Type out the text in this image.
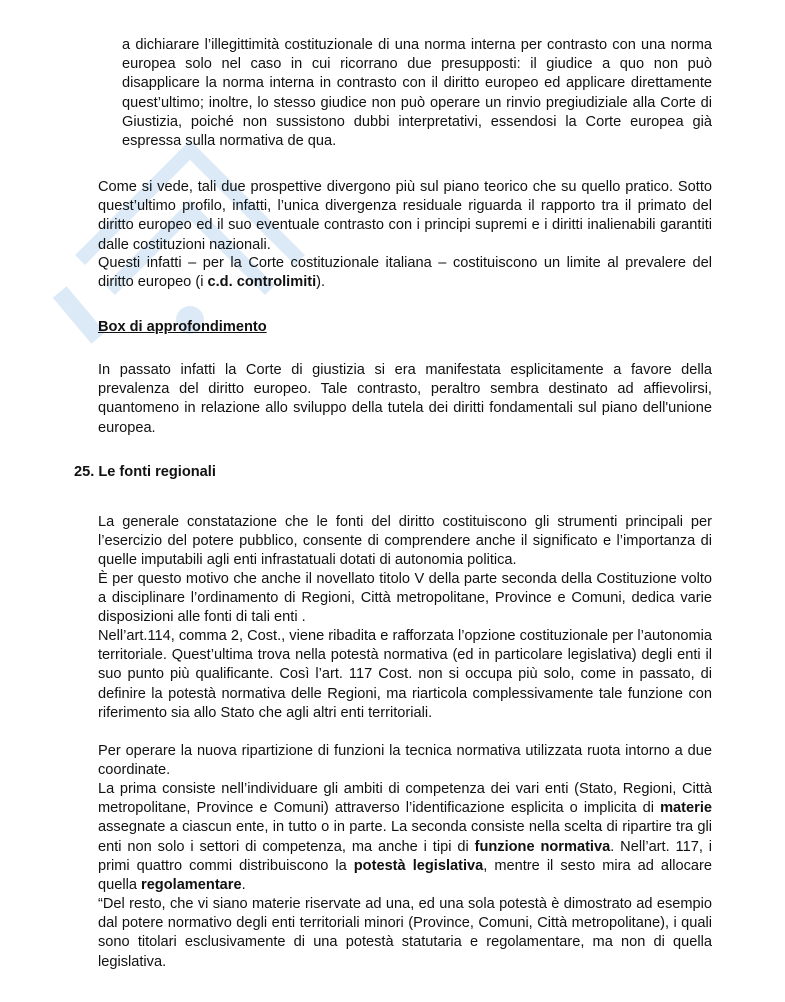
a dichiarare l’illegittimità costituzionale di una norma interna per contrasto con una norma europea solo nel caso in cui ricorrano due presupposti: il giudice a quo non può disapplicare la norma interna in contrasto con il diritto europeo ed applicare direttamente quest’ultimo; inoltre, lo stesso giudice non può operare un rinvio pregiudiziale alla Corte di Giustizia, poiché non sussistono dubbi interpretativi, essendosi la Corte europea già espressa sulla normativa de qua.

Come si vede, tali due prospettive divergono più sul piano teorico che su quello pratico. Sotto quest’ultimo profilo, infatti, l’unica divergenza residuale riguarda il rapporto tra il primato del diritto europeo ed il suo eventuale contrasto con i principi supremi e i diritti inalienabili garantiti dalle costituzioni nazionali.

Questi infatti – per la Corte costituzionale italiana – costituiscono un limite al prevalere del diritto europeo (i c.d. controlimiti).

Box di approfondimento

In passato infatti la Corte di giustizia si era manifestata esplicitamente a favore della prevalenza del diritto europeo. Tale contrasto, peraltro sembra destinato ad affievolirsi, quantomeno in relazione allo sviluppo della tutela dei diritti fondamentali sul piano dell'unione europea.

25. Le fonti regionali

La generale constatazione che le fonti del diritto costituiscono gli strumenti principali per l’esercizio del potere pubblico, consente di comprendere anche il significato e l’importanza di quelle imputabili agli enti infrastatuali dotati di autonomia politica.

È per questo motivo che anche il novellato titolo V della parte seconda della Costituzione volto a disciplinare l’ordinamento di Regioni, Città metropolitane, Province e Comuni, dedica varie disposizioni alle fonti di tali enti .

Nell’art.114, comma 2, Cost., viene ribadita e rafforzata l’opzione costituzionale per l’autonomia territoriale. Quest’ultima trova nella potestà normativa (ed in particolare legislativa) degli enti il suo punto più qualificante. Così l’art. 117 Cost. non si occupa più solo, come in passato, di definire la potestà normativa delle Regioni, ma riarticola complessivamente tale funzione con riferimento sia allo Stato che agli altri enti territoriali.

Per operare la nuova ripartizione di funzioni la tecnica normativa utilizzata ruota intorno a due coordinate.

La prima consiste nell’individuare gli ambiti di competenza dei vari enti (Stato, Regioni, Città metropolitane, Province e Comuni) attraverso l’identificazione esplicita o implicita di materie assegnate a ciascun ente, in tutto o in parte. La seconda consiste nella scelta di ripartire tra gli enti non solo i settori di competenza, ma anche i tipi di funzione normativa. Nell’art. 117, i primi quattro commi distribuiscono la potestà legislativa, mentre il sesto mira ad allocare quella regolamentare.

“Del resto, che vi siano materie riservate ad una, ed una sola potestà è dimostrato ad esempio dal potere normativo degli enti territoriali minori (Province, Comuni, Città metropolitane), i quali sono titolari esclusivamente di una potestà statutaria e regolamentare, ma non di quella legislativa.
